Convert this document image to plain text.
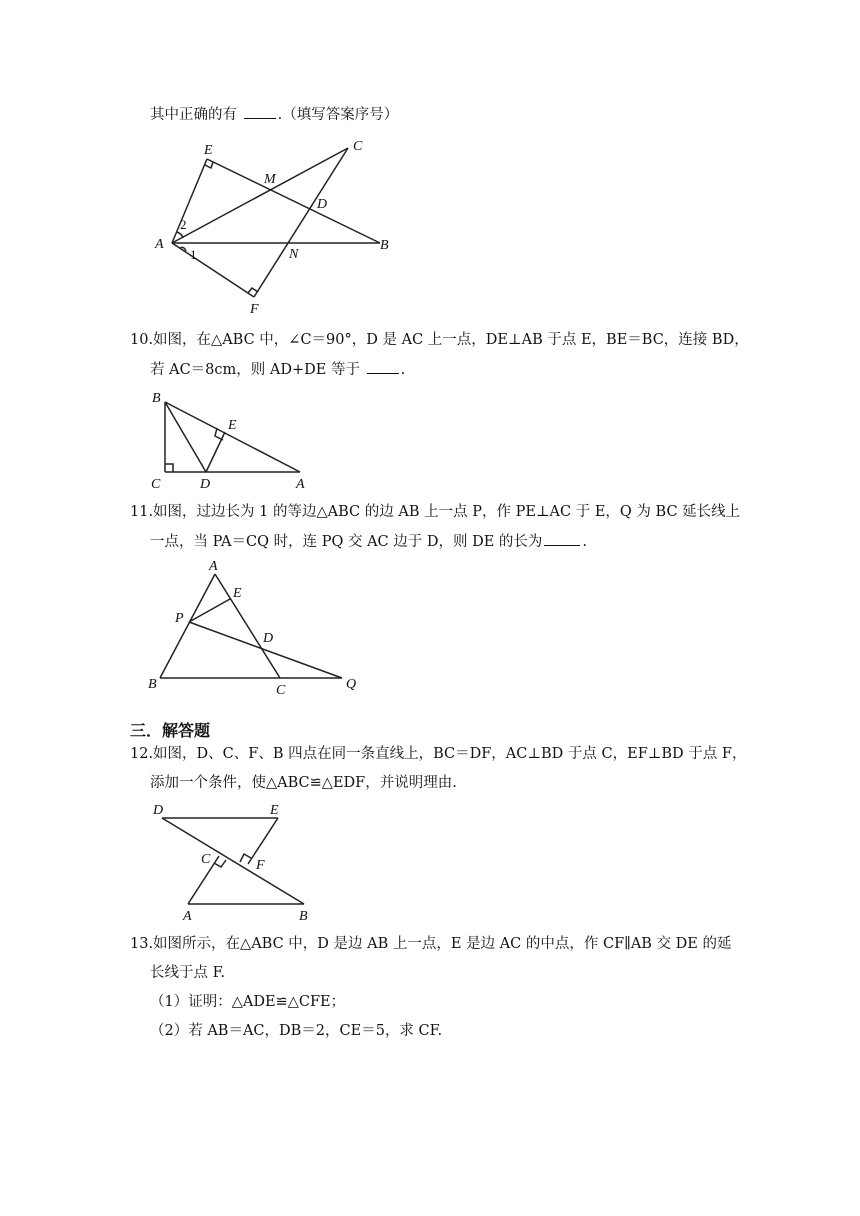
其中正确的有	.（填写答案序号）
E	C
M
D
A	B
N
F
2
1
10.如图，在△ABC 中，∠C＝90°，D 是 AC 上一点，DE⊥AB 于点 E，BE＝BC，连接 BD，
若 AC＝8cm，则 AD+DE 等于	.
B
E
C	D	A
11.如图，过边长为 1 的等边△ABC 的边 AB 上一点 P，作 PE⊥AC 于 E，Q 为 BC 延长线上
一点，当 PA＝CQ 时，连 PQ 交 AC 边于 D，则 DE 的长为	.
A
E
P
D
B	C	Q
三．解答题
12.如图，D、C、F、B 四点在同一条直线上，BC＝DF，AC⊥BD 于点 C，EF⊥BD 于点 F，
添加一个条件，使△ABC≌△EDF，并说明理由.
D	E
C	F
A	B
13.如图所示，在△ABC 中，D 是边 AB 上一点，E 是边 AC 的中点，作 CF∥AB 交 DE 的延
长线于点 F.
（1）证明：△ADE≌△CFE；
（2）若 AB＝AC，DB＝2，CE＝5，求 CF.
